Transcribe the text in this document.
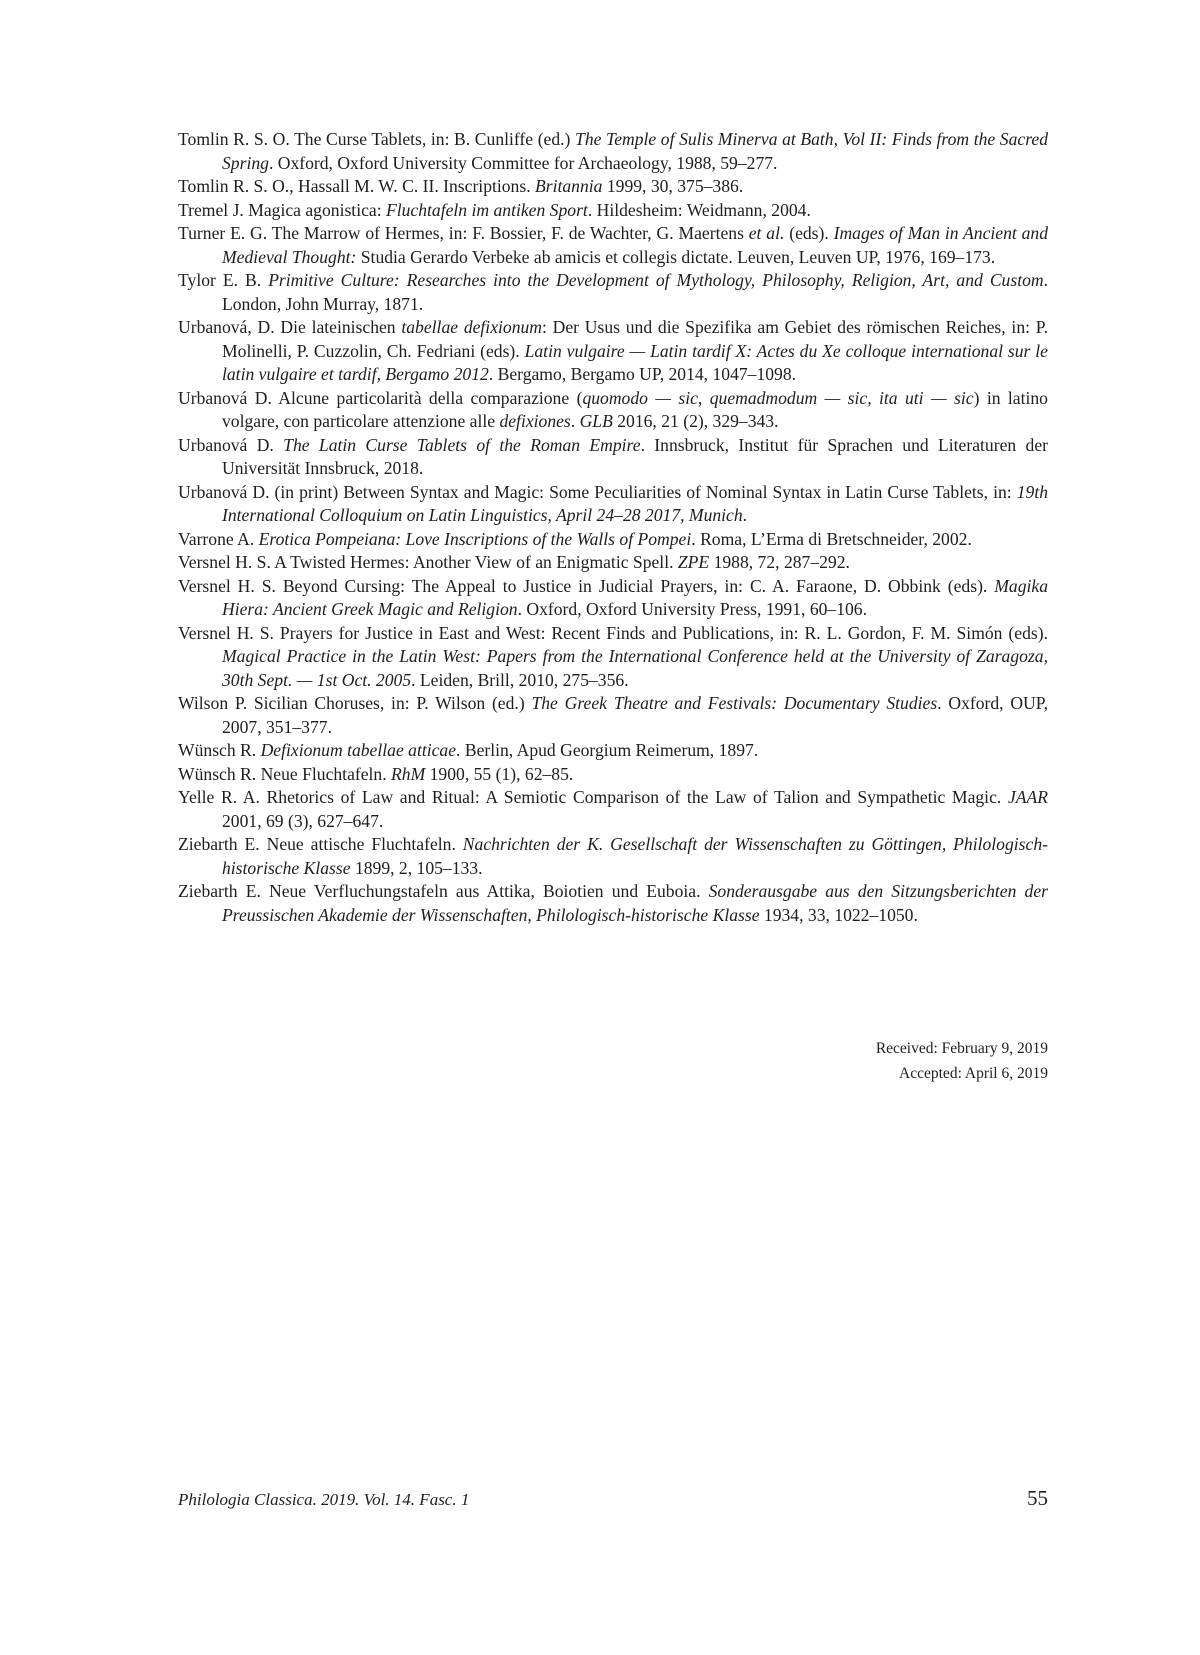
Tomlin R. S. O. The Curse Tablets, in: B. Cunliffe (ed.) The Temple of Sulis Minerva at Bath, Vol II: Finds from the Sacred Spring. Oxford, Oxford University Committee for Archaeology, 1988, 59–277.

Tomlin R. S. O., Hassall M. W. C. II. Inscriptions. Britannia 1999, 30, 375–386.

Tremel J. Magica agonistica: Fluchtafeln im antiken Sport. Hildesheim: Weidmann, 2004.

Turner E. G. The Marrow of Hermes, in: F. Bossier, F. de Wachter, G. Maertens et al. (eds). Images of Man in Ancient and Medieval Thought: Studia Gerardo Verbeke ab amicis et collegis dictate. Leuven, Leuven UP, 1976, 169–173.

Tylor E. B. Primitive Culture: Researches into the Development of Mythology, Philosophy, Religion, Art, and Custom. London, John Murray, 1871.

Urbanová, D. Die lateinischen tabellae defixionum: Der Usus und die Spezifika am Gebiet des römischen Reiches, in: P. Molinelli, P. Cuzzolin, Ch. Fedriani (eds). Latin vulgaire — Latin tardif X: Actes du Xe colloque international sur le latin vulgaire et tardif, Bergamo 2012. Bergamo, Bergamo UP, 2014, 1047–1098.

Urbanová D. Alcune particolarità della comparazione (quomodo — sic, quemadmodum — sic, ita uti — sic) in latino volgare, con particolare attenzione alle defixiones. GLB 2016, 21 (2), 329–343.

Urbanová D. The Latin Curse Tablets of the Roman Empire. Innsbruck, Institut für Sprachen und Literaturen der Universität Innsbruck, 2018.

Urbanová D. (in print) Between Syntax and Magic: Some Peculiarities of Nominal Syntax in Latin Curse Tablets, in: 19th International Colloquium on Latin Linguistics, April 24–28 2017, Munich.

Varrone A. Erotica Pompeiana: Love Inscriptions of the Walls of Pompei. Roma, L’Erma di Bretschneider, 2002.

Versnel H. S. A Twisted Hermes: Another View of an Enigmatic Spell. ZPE 1988, 72, 287–292.

Versnel H. S. Beyond Cursing: The Appeal to Justice in Judicial Prayers, in: C. A. Faraone, D. Obbink (eds). Magika Hiera: Ancient Greek Magic and Religion. Oxford, Oxford University Press, 1991, 60–106.

Versnel H. S. Prayers for Justice in East and West: Recent Finds and Publications, in: R. L. Gordon, F. M. Simón (eds). Magical Practice in the Latin West: Papers from the International Conference held at the University of Zaragoza, 30th Sept. — 1st Oct. 2005. Leiden, Brill, 2010, 275–356.

Wilson P. Sicilian Choruses, in: P. Wilson (ed.) The Greek Theatre and Festivals: Documentary Studies. Oxford, OUP, 2007, 351–377.

Wünsch R. Defixionum tabellae atticae. Berlin, Apud Georgium Reimerum, 1897.

Wünsch R. Neue Fluchtafeln. RhM 1900, 55 (1), 62–85.

Yelle R. A. Rhetorics of Law and Ritual: A Semiotic Comparison of the Law of Talion and Sympathetic Magic. JAAR 2001, 69 (3), 627–647.

Ziebarth E. Neue attische Fluchtafeln. Nachrichten der K. Gesellschaft der Wissenschaften zu Göttingen, Philologisch-historische Klasse 1899, 2, 105–133.

Ziebarth E. Neue Verfluchungstafeln aus Attika, Boiotien und Euboia. Sonderausgabe aus den Sitzungsberichten der Preussischen Akademie der Wissenschaften, Philologisch-historische Klasse 1934, 33, 1022–1050.

Received: February 9, 2019
Accepted: April 6, 2019
Philologia Classica. 2019. Vol. 14. Fasc. 1	55
